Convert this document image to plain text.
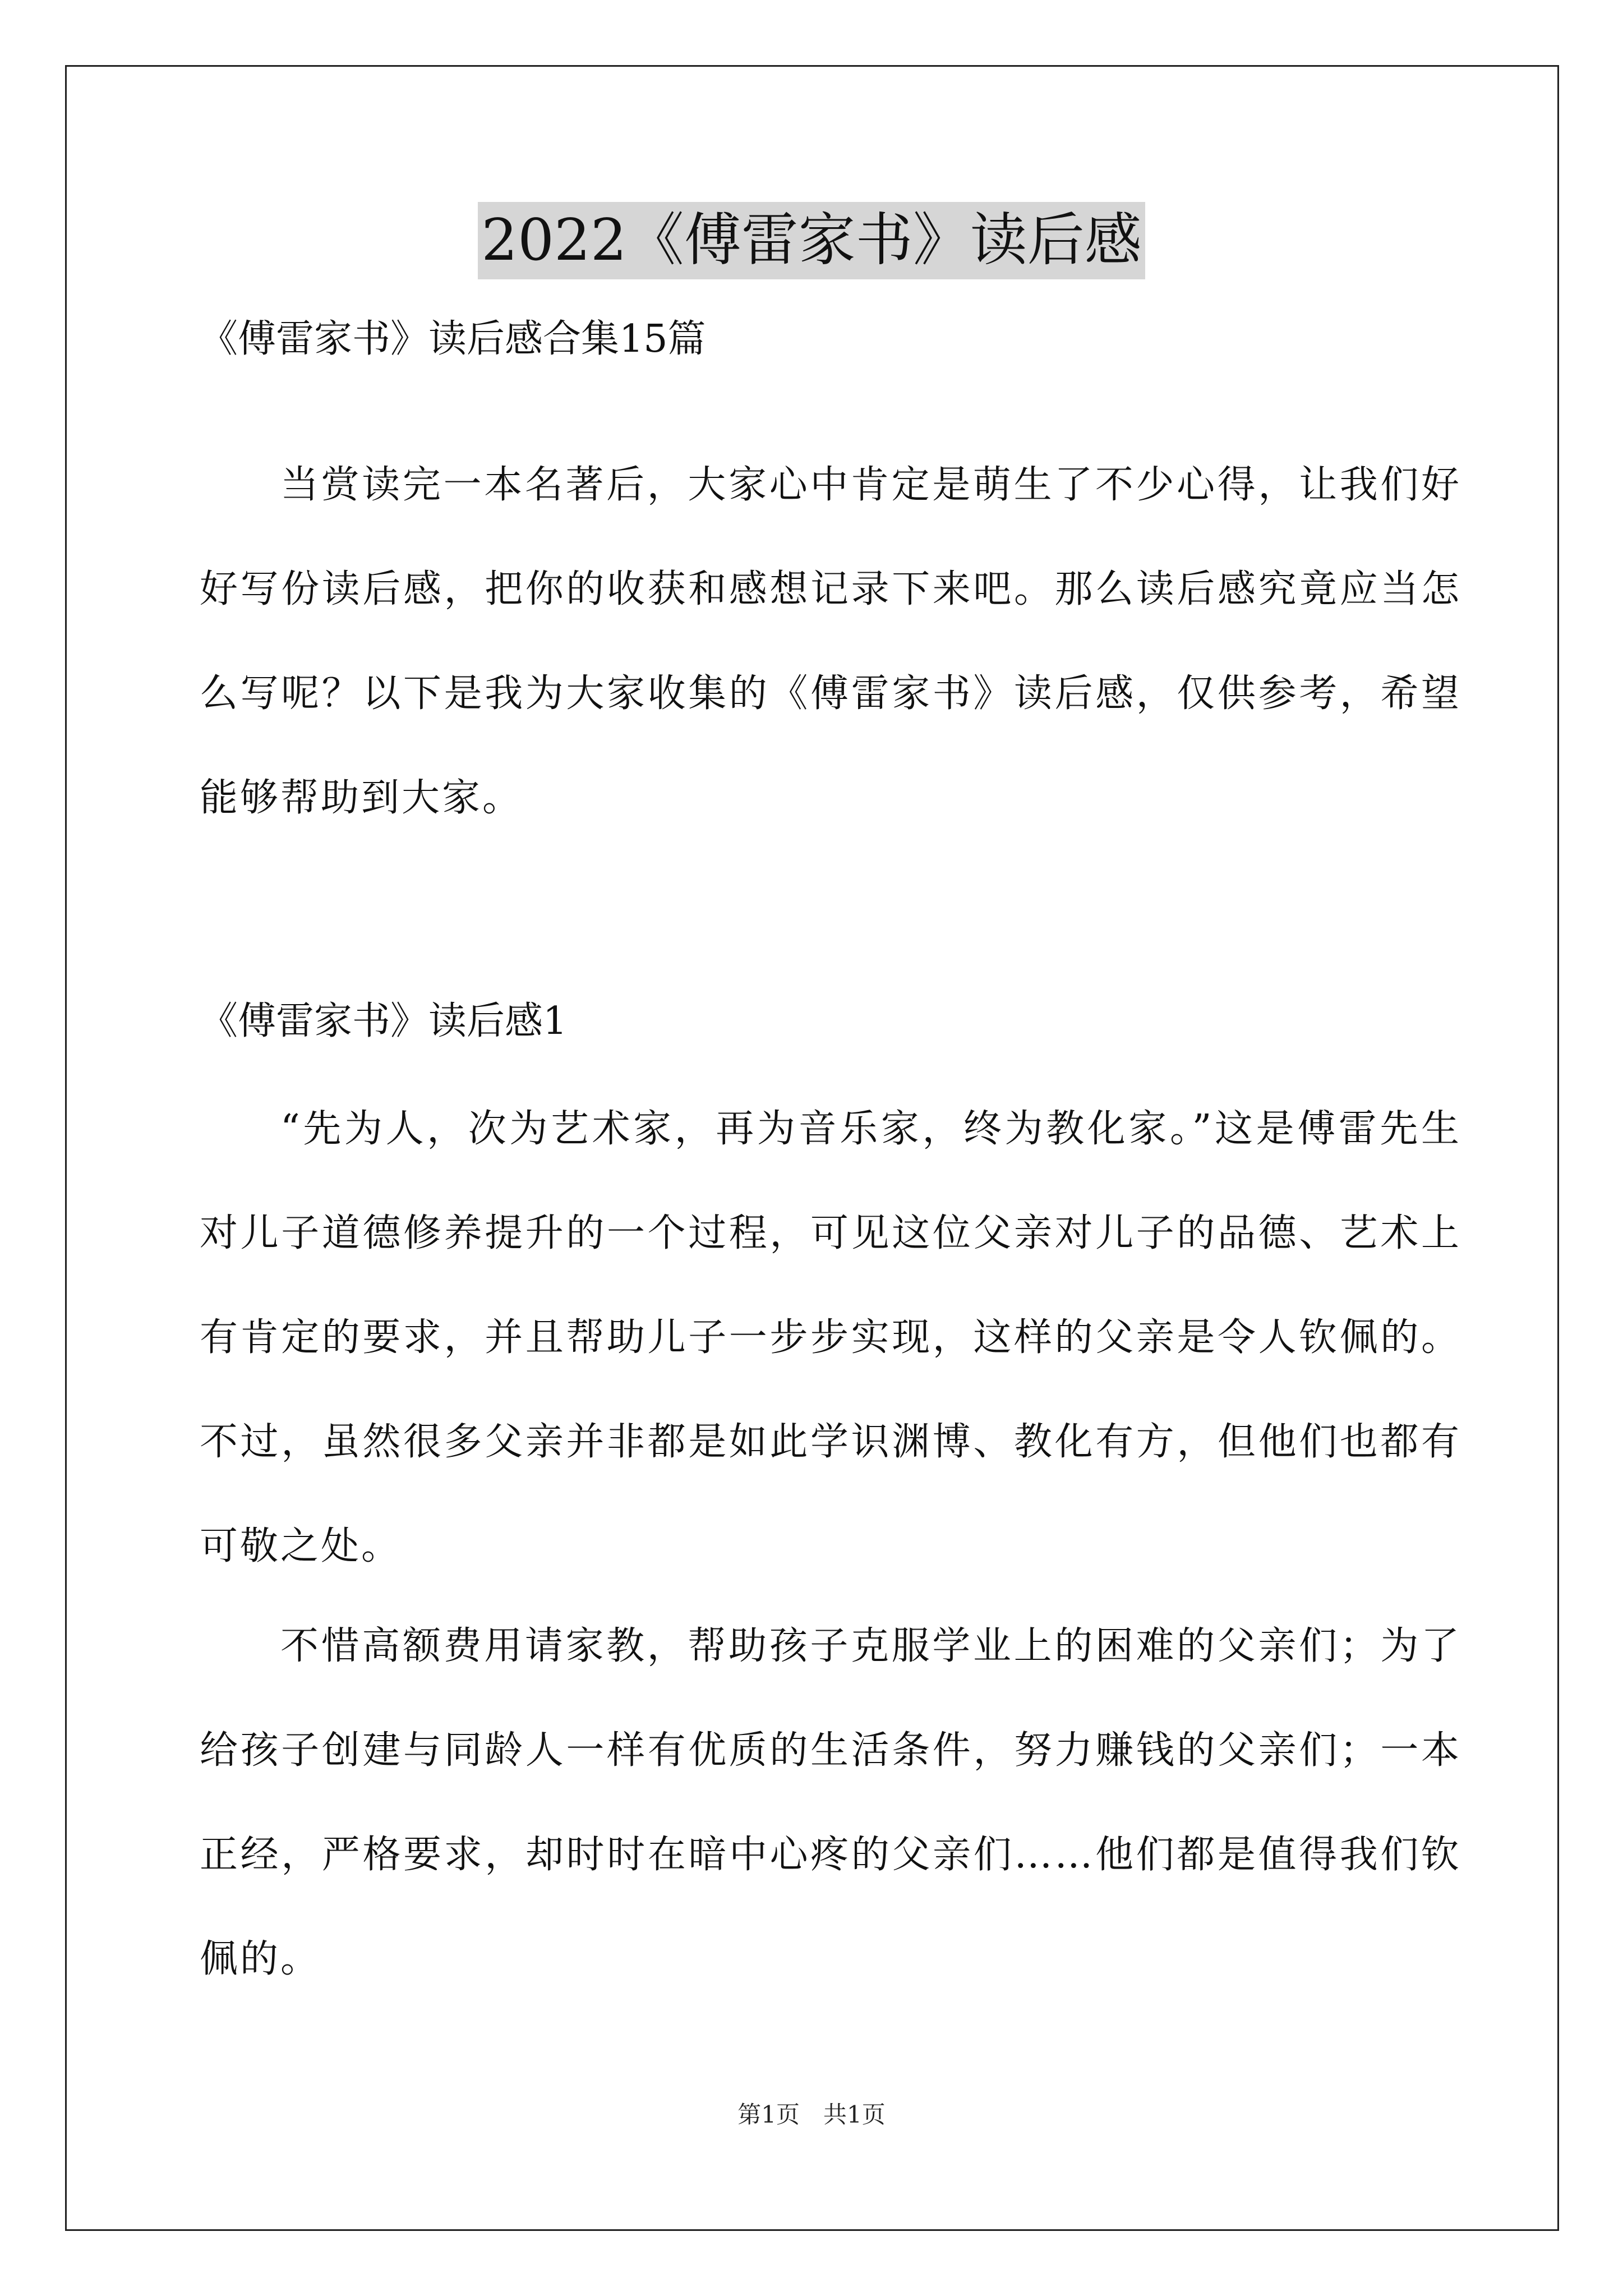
2022《傅雷家书》读后感
《傅雷家书》读后感合集15篇

当赏读完一本名著后，大家心中肯定是萌生了不少心得，让我们好好写份读后感，把你的收获和感想记录下来吧。那么读后感究竟应当怎么写呢？以下是我为大家收集的《傅雷家书》读后感，仅供参考，希望能够帮助到大家。

《傅雷家书》读后感1

“先为人，次为艺术家，再为音乐家，终为教化家。”这是傅雷先生对儿子道德修养提升的一个过程，可见这位父亲对儿子的品德、艺术上有肯定的要求，并且帮助儿子一步步实现，这样的父亲是令人钦佩的。不过，虽然很多父亲并非都是如此学识渊博、教化有方，但他们也都有可敬之处。

不惜高额费用请家教，帮助孩子克服学业上的困难的父亲们；为了给孩子创建与同龄人一样有优质的生活条件，努力赚钱的父亲们；一本正经，严格要求，却时时在暗中心疼的父亲们……他们都是值得我们钦佩的。

第1页　共1页
